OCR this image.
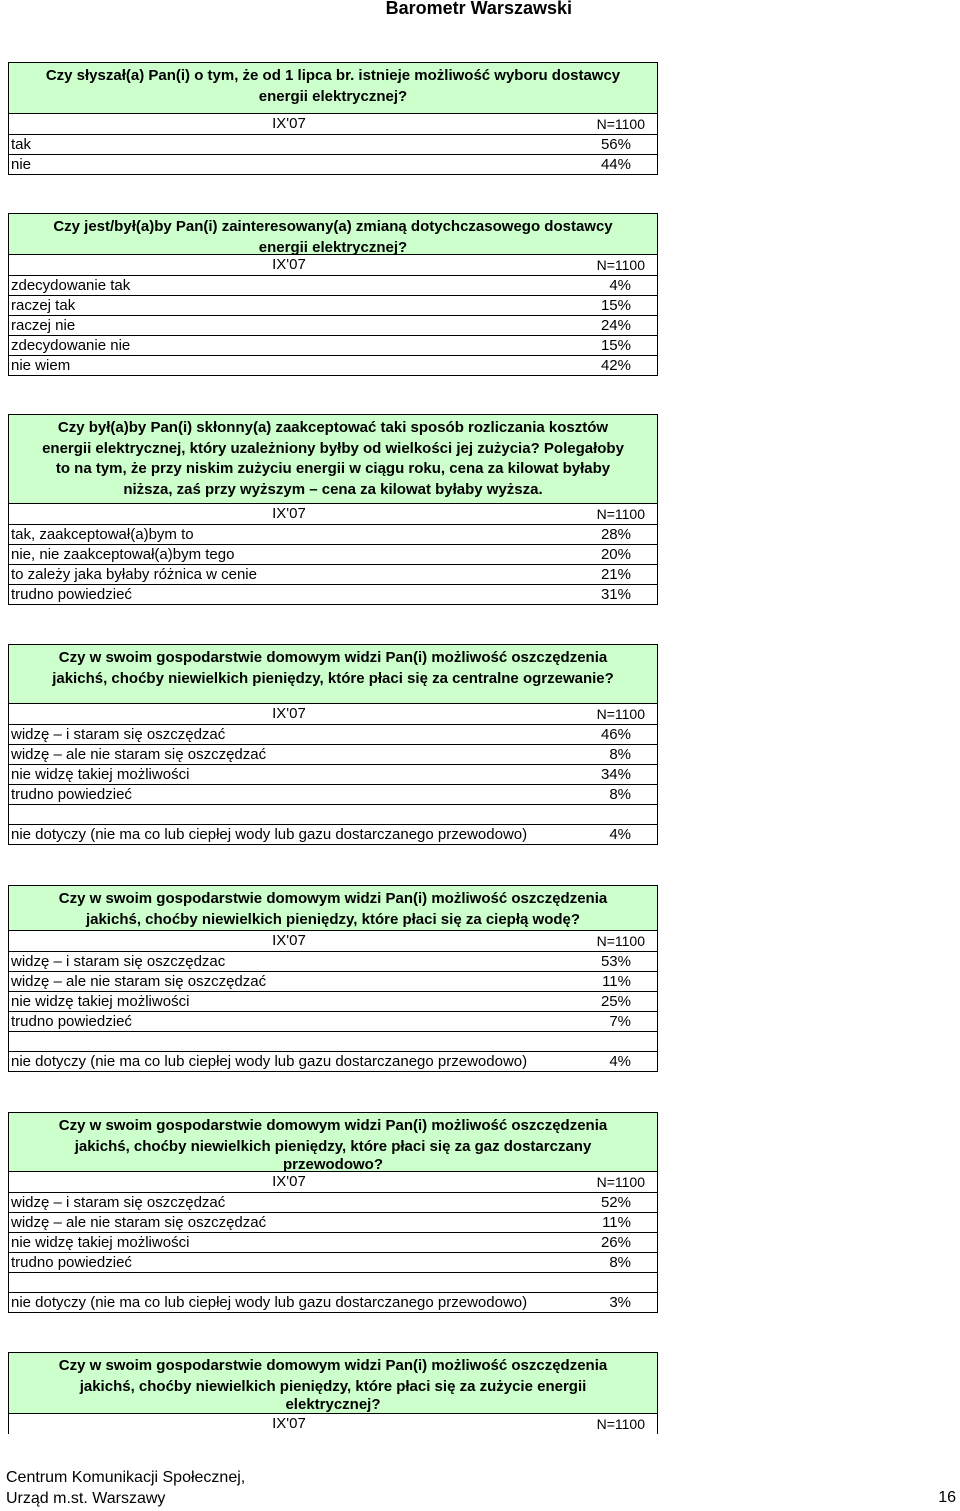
Barometr Warszawski
Czy słyszał(a) Pan(i) o tym, że od 1 lipca br. istnieje możliwość wyboru dostawcy
energii elektrycznej?
IX'07	N=1100
tak	56%
nie	44%
Czy jest/był(a)by Pan(i) zainteresowany(a) zmianą dotychczasowego dostawcy
energii elektrycznej?
IX'07	N=1100
zdecydowanie tak	4%
raczej tak	15%
raczej nie	24%
zdecydowanie nie	15%
nie wiem	42%
Czy był(a)by Pan(i) skłonny(a) zaakceptować taki sposób rozliczania kosztów
energii elektrycznej, który uzależniony byłby od wielkości jej zużycia? Polegałoby
to na tym, że przy niskim zużyciu energii w ciągu roku, cena za kilowat byłaby
niższa, zaś przy wyższym – cena za kilowat byłaby wyższa.
IX'07	N=1100
tak, zaakceptował(a)bym to	28%
nie, nie zaakceptował(a)bym tego	20%
to zależy jaka byłaby różnica w cenie	21%
trudno powiedzieć	31%
Czy w swoim gospodarstwie domowym widzi Pan(i) możliwość oszczędzenia
jakichś, choćby niewielkich pieniędzy, które płaci się za centralne ogrzewanie?
IX'07	N=1100
widzę – i staram się oszczędzać	46%
widzę – ale nie staram się oszczędzać	8%
nie widzę takiej możliwości	34%
trudno powiedzieć	8%
nie dotyczy (nie ma co lub ciepłej wody lub gazu dostarczanego przewodowo)	4%
Czy w swoim gospodarstwie domowym widzi Pan(i) możliwość oszczędzenia
jakichś, choćby niewielkich pieniędzy, które płaci się za ciepłą wodę?
IX'07	N=1100
widzę – i staram się oszczędzac	53%
widzę – ale nie staram się oszczędzać	11%
nie widzę takiej możliwości	25%
trudno powiedzieć	7%
nie dotyczy (nie ma co lub ciepłej wody lub gazu dostarczanego przewodowo)	4%
Czy w swoim gospodarstwie domowym widzi Pan(i) możliwość oszczędzenia
jakichś, choćby niewielkich pieniędzy, które płaci się za gaz dostarczany
przewodowo?
IX'07	N=1100
widzę – i staram się oszczędzać	52%
widzę – ale nie staram się oszczędzać	11%
nie widzę takiej możliwości	26%
trudno powiedzieć	8%
nie dotyczy (nie ma co lub ciepłej wody lub gazu dostarczanego przewodowo)	3%
Czy w swoim gospodarstwie domowym widzi Pan(i) możliwość oszczędzenia
jakichś, choćby niewielkich pieniędzy, które płaci się za zużycie energii
elektrycznej?
IX'07	N=1100
Centrum Komunikacji Społecznej,
Urząd m.st. Warszawy	16
